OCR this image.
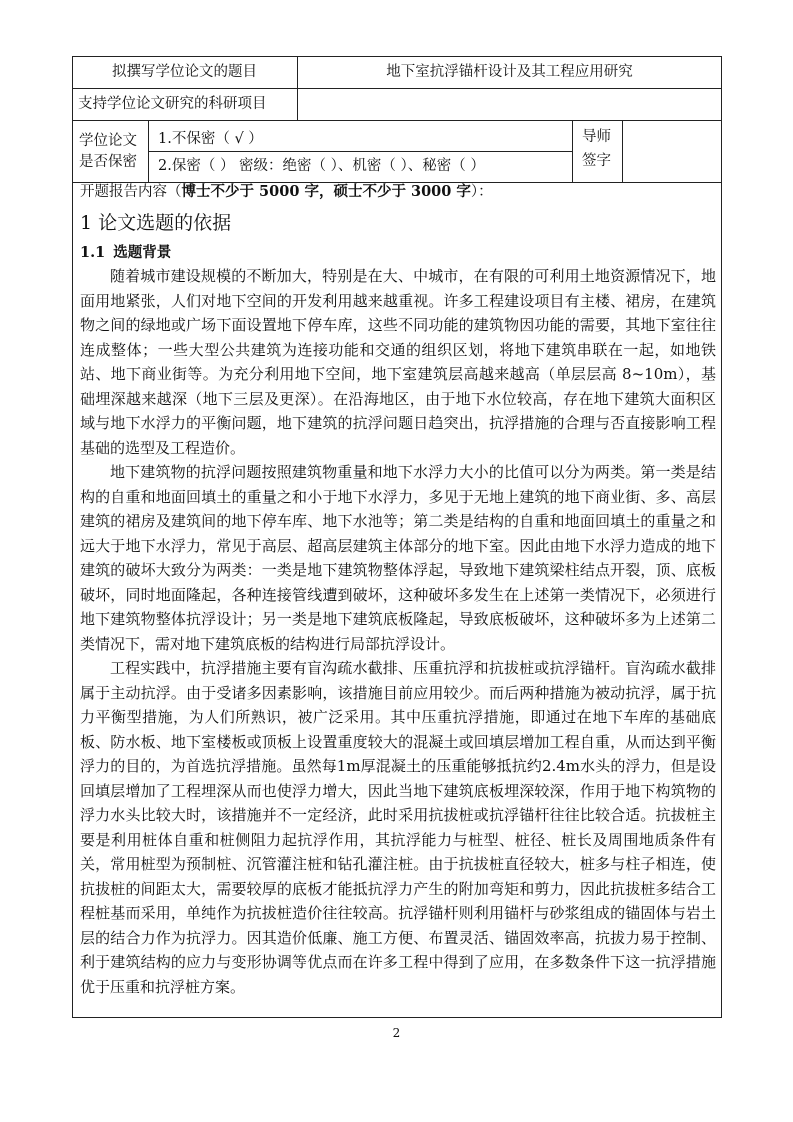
拟撰写学位论文的题目	地下室抗浮锚杆设计及其工程应用研究
支持学位论文研究的科研项目
学位论文
是否保密
1.不保密（ √ ）
2.保密（ ） 密级：绝密（ ）、机密（ ）、秘密（ ）
导师
签字
开题报告内容（博士不少于 5000 字，硕士不少于 3000 字）：
1 论文选题的依据
1.1 选题背景

随着城市建设规模的不断加大，特别是在大、中城市，在有限的可利用土地资源情况下，地面用地紧张，人们对地下空间的开发利用越来越重视。许多工程建设项目有主楼、裙房，在建筑物之间的绿地或广场下面设置地下停车库，这些不同功能的建筑物因功能的需要，其地下室往往连成整体；一些大型公共建筑为连接功能和交通的组织区划，将地下建筑串联在一起，如地铁站、地下商业街等。为充分利用地下空间，地下室建筑层高越来越高（单层层高 8~10m），基础埋深越来越深（地下三层及更深）。在沿海地区，由于地下水位较高，存在地下建筑大面积区域与地下水浮力的平衡问题，地下建筑的抗浮问题日趋突出，抗浮措施的合理与否直接影响工程基础的选型及工程造价。

地下建筑物的抗浮问题按照建筑物重量和地下水浮力大小的比值可以分为两类。第一类是结构的自重和地面回填土的重量之和小于地下水浮力，多见于无地上建筑的地下商业街、多、高层建筑的裙房及建筑间的地下停车库、地下水池等；第二类是结构的自重和地面回填土的重量之和远大于地下水浮力，常见于高层、超高层建筑主体部分的地下室。因此由地下水浮力造成的地下建筑的破坏大致分为两类：一类是地下建筑物整体浮起，导致地下建筑梁柱结点开裂，顶、底板破坏，同时地面隆起，各种连接管线遭到破坏，这种破坏多发生在上述第一类情况下，必须进行地下建筑物整体抗浮设计；另一类是地下建筑底板隆起，导致底板破坏，这种破坏多为上述第二类情况下，需对地下建筑底板的结构进行局部抗浮设计。

工程实践中，抗浮措施主要有盲沟疏水截排、压重抗浮和抗拔桩或抗浮锚杆。盲沟疏水截排属于主动抗浮。由于受诸多因素影响，该措施目前应用较少。而后两种措施为被动抗浮，属于抗力平衡型措施，为人们所熟识，被广泛采用。其中压重抗浮措施，即通过在地下车库的基础底板、防水板、地下室楼板或顶板上设置重度较大的混凝土或回填层增加工程自重，从而达到平衡浮力的目的，为首选抗浮措施。虽然每1m厚混凝土的压重能够抵抗约2.4m水头的浮力，但是设回填层增加了工程埋深从而也使浮力增大，因此当地下建筑底板埋深较深，作用于地下构筑物的浮力水头比较大时，该措施并不一定经济，此时采用抗拔桩或抗浮锚杆往往比较合适。抗拔桩主要是利用桩体自重和桩侧阻力起抗浮作用，其抗浮能力与桩型、桩径、桩长及周围地质条件有关，常用桩型为预制桩、沉管灌注桩和钻孔灌注桩。由于抗拔桩直径较大，桩多与柱子相连，使抗拔桩的间距太大，需要较厚的底板才能抵抗浮力产生的附加弯矩和剪力，因此抗拔桩多结合工程桩基而采用，单纯作为抗拔桩造价往往较高。抗浮锚杆则利用锚杆与砂浆组成的锚固体与岩土层的结合力作为抗浮力。因其造价低廉、施工方便、布置灵活、锚固效率高，抗拔力易于控制、利于建筑结构的应力与变形协调等优点而在许多工程中得到了应用，在多数条件下这一抗浮措施优于压重和抗浮桩方案。

2
